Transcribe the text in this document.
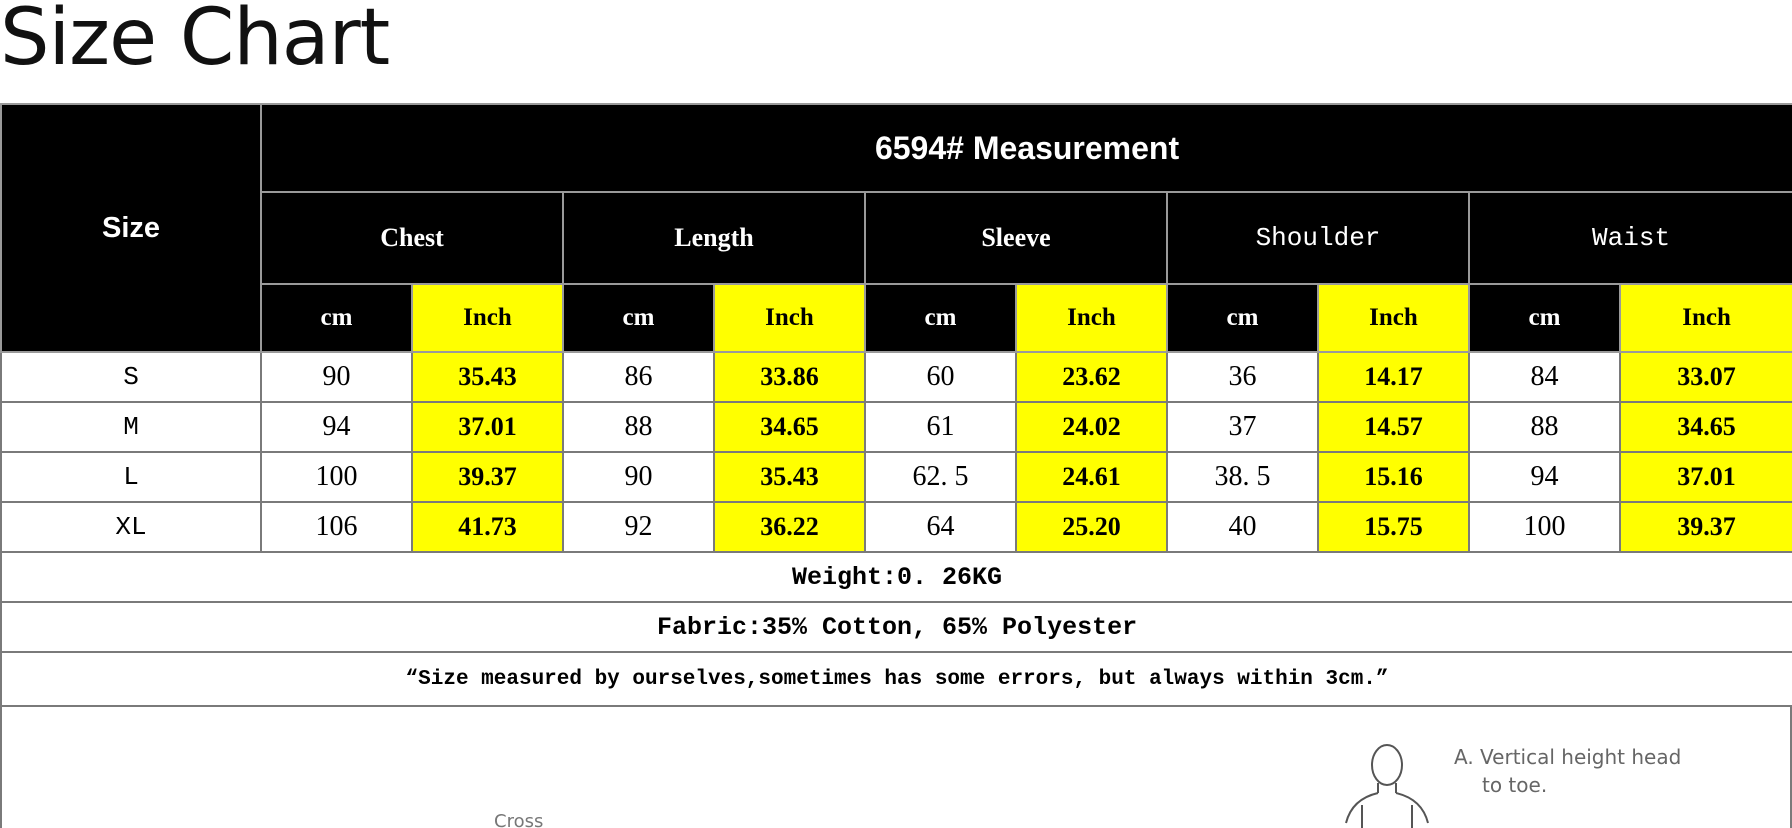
Size Chart
Size	6594# Measurement									
	Chest		Length		Sleeve		Shoulder		Waist	
	cm	Inch	cm	Inch	cm	Inch	cm	Inch	cm	Inch
S	90	35.43	86	33.86	60	23.62	36	14.17	84	33.07
M	94	37.01	88	34.65	61	24.02	37	14.57	88	34.65
L	100	39.37	90	35.43	62. 5	24.61	38. 5	15.16	94	37.01
XL	106	41.73	92	36.22	64	25.20	40	15.75	100	39.37
Weight:0. 26KG										
Fabric:35% Cotton, 65% Polyester										
“Size measured by ourselves,sometimes has some errors, but always within 3cm.”										
Cross
A. Vertical height head
to toe.
